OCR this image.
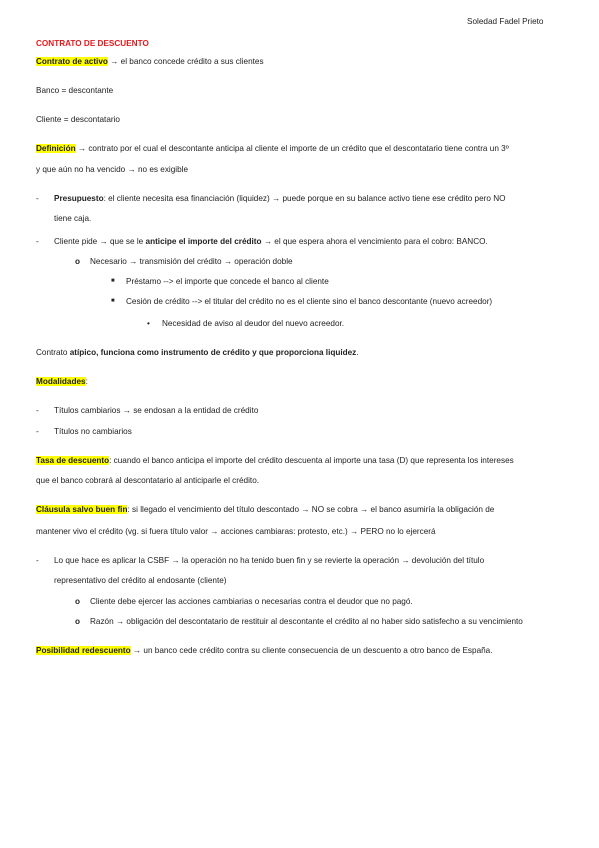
Soledad Fadel Prieto
CONTRATO DE DESCUENTO
Contrato de activo → el banco concede crédito a sus clientes
Banco = descontante
Cliente = descontatario
Definición → contrato por el cual el descontante anticipa al cliente el importe de un crédito que el descontatario tiene contra un 3º
y que aún no ha vencido → no es exigible
- Presupuesto: el cliente necesita esa financiación (liquidez) → puede porque en su balance activo tiene ese crédito pero NO
tiene caja.
- Cliente pide → que se le anticipe el importe del crédito → el que espera ahora el vencimiento para el cobro: BANCO.
o Necesario → transmisión del crédito → operación doble
■ Préstamo --> el importe que concede el banco al cliente
■ Cesión de crédito --> el titular del crédito no es el cliente sino el banco descontante (nuevo acreedor)
• Necesidad de aviso al deudor del nuevo acreedor.
Contrato atípico, funciona como instrumento de crédito y que proporciona liquidez.
Modalidades:
- Títulos cambiarios → se endosan a la entidad de crédito
- Títulos no cambiarios
Tasa de descuento: cuando el banco anticipa el importe del crédito descuenta al importe una tasa (D) que representa los intereses
que el banco cobrará al descontatario al anticiparle el crédito.
Cláusula salvo buen fin: si llegado el vencimiento del título descontado → NO se cobra → el banco asumiría la obligación de
mantener vivo el crédito (vg. si fuera título valor → acciones cambiaras: protesto, etc.) → PERO no lo ejercerá
- Lo que hace es aplicar la CSBF → la operación no ha tenido buen fin y se revierte la operación → devolución del título
representativo del crédito al endosante (cliente)
o Cliente debe ejercer las acciones cambiarias o necesarias contra el deudor que no pagó.
o Razón → obligación del descontatario de restituir al descontante el crédito al no haber sido satisfecho a su vencimiento
Posibilidad redescuento → un banco cede crédito contra su cliente consecuencia de un descuento a otro banco de España.
